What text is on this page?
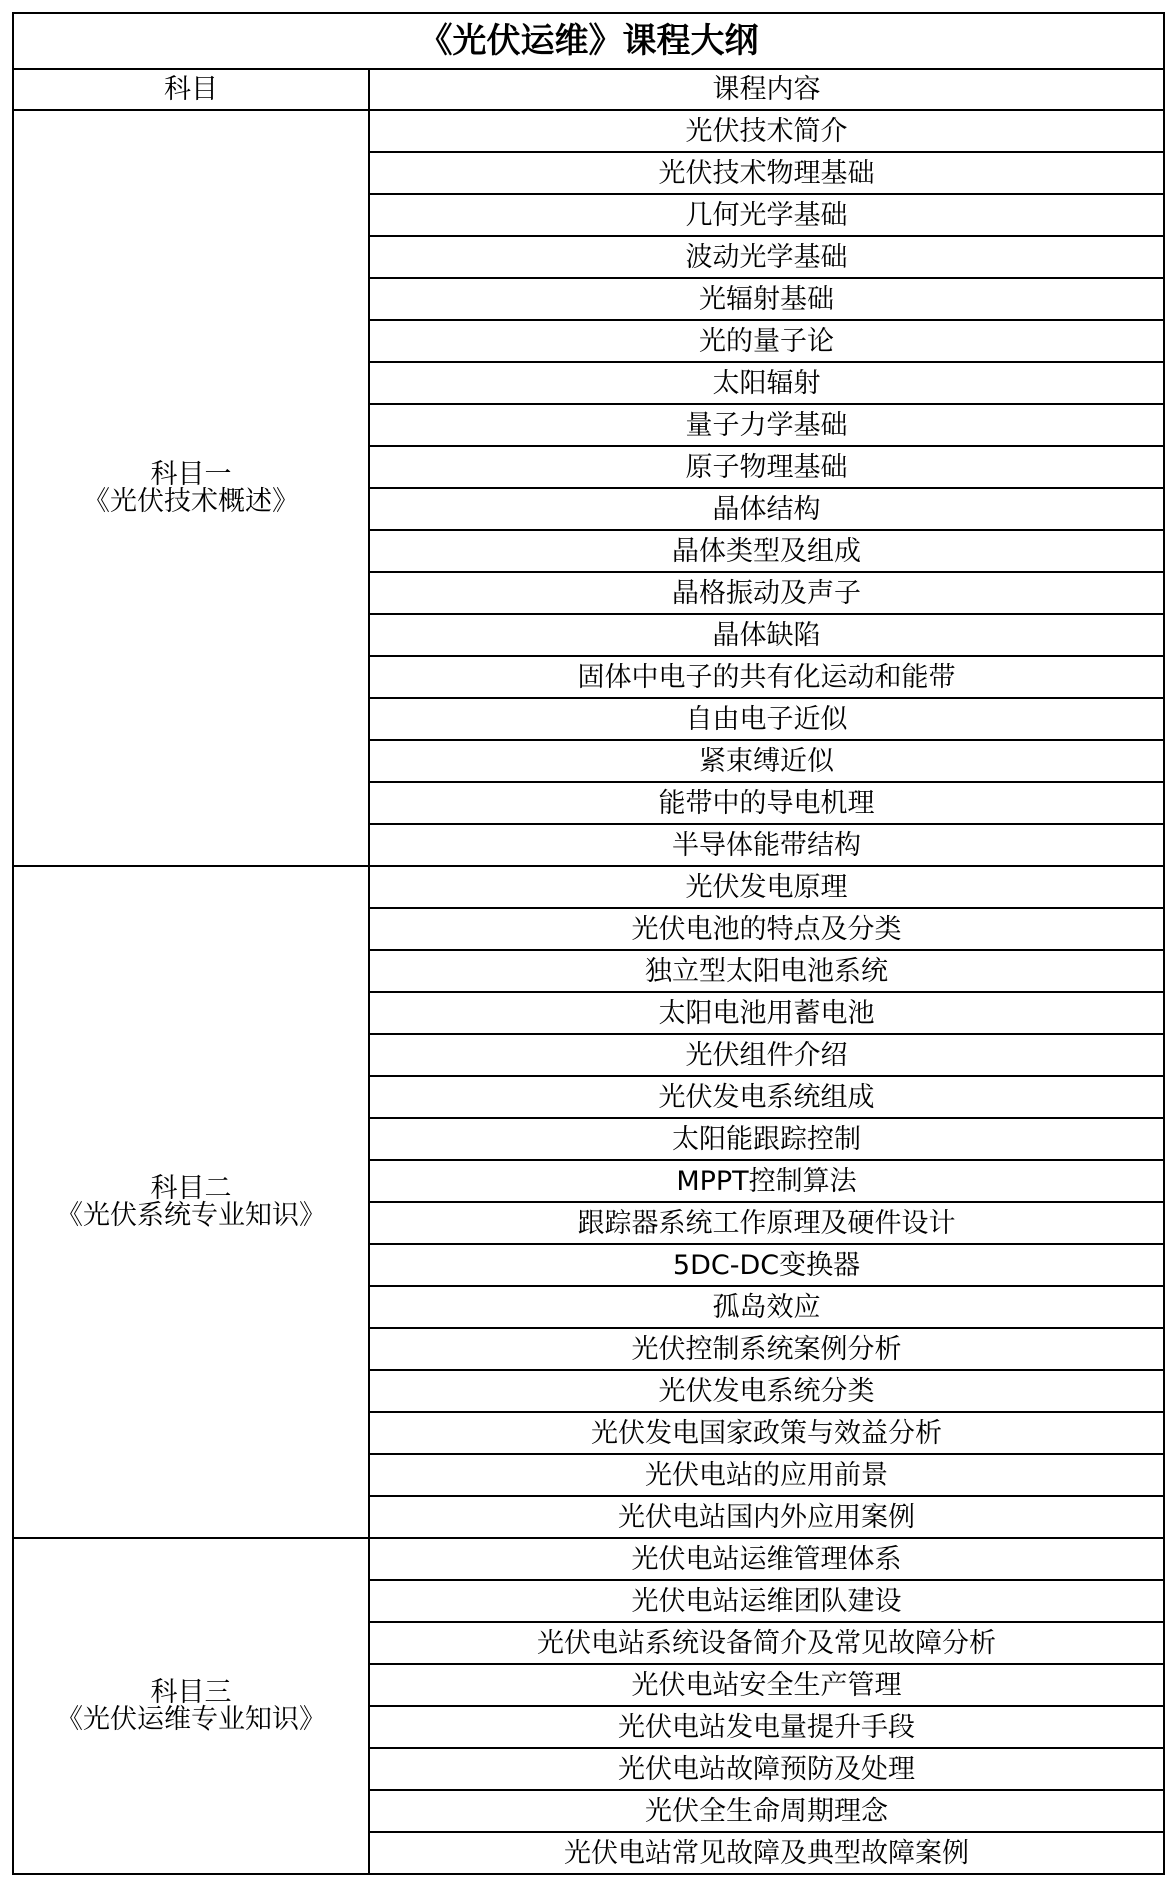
《光伏运维》课程大纲	
科目	课程内容

科目一
《光伏技术概述》	光伏技术简介
	光伏技术物理基础
	几何光学基础
	波动光学基础
	光辐射基础
	光的量子论
	太阳辐射
	量子力学基础
	原子物理基础
	晶体结构
	晶体类型及组成
	晶格振动及声子
	晶体缺陷
	固体中电子的共有化运动和能带
	自由电子近似
	紧束缚近似
	能带中的导电机理
	半导体能带结构

科目二
《光伏系统专业知识》	光伏发电原理
	光伏电池的特点及分类
	独立型太阳电池系统
	太阳电池用蓄电池
	光伏组件介绍
	光伏发电系统组成
	太阳能跟踪控制
	MPPT控制算法
	跟踪器系统工作原理及硬件设计
	5DC-DC变换器
	孤岛效应
	光伏控制系统案例分析
	光伏发电系统分类
	光伏发电国家政策与效益分析
	光伏电站的应用前景
	光伏电站国内外应用案例

科目三
《光伏运维专业知识》	光伏电站运维管理体系
	光伏电站运维团队建设
	光伏电站系统设备简介及常见故障分析
	光伏电站安全生产管理
	光伏电站发电量提升手段
	光伏电站故障预防及处理
	光伏全生命周期理念
	光伏电站常见故障及典型故障案例
